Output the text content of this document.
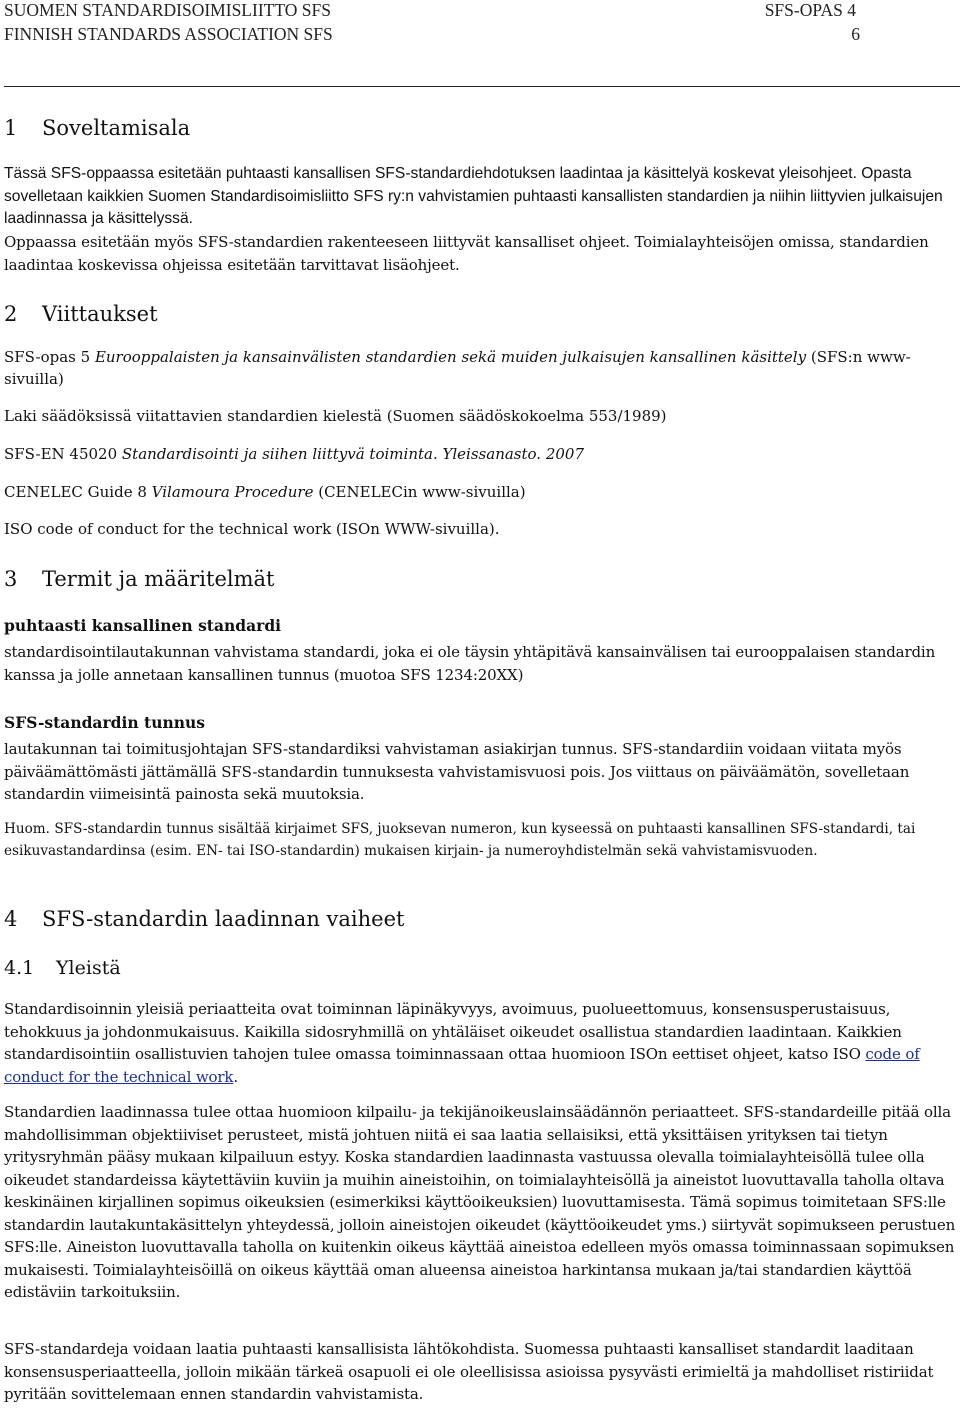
SUOMEN STANDARDISOIMISLIITTO SFS	SFS-OPAS 4
FINNISH STANDARDS ASSOCIATION SFS	6
1 Soveltamisala

Tässä SFS-oppaassa esitetään puhtaasti kansallisen SFS-standardiehdotuksen laadintaa ja käsittelyä koskevat yleisohjeet. Opasta sovelletaan kaikkien Suomen Standardisoimisliitto SFS ry:n vahvistamien puhtaasti kansallisten standardien ja niihin liittyvien julkaisujen laadinnassa ja käsittelyssä.

Oppaassa esitetään myös SFS-standardien rakenteeseen liittyvät kansalliset ohjeet. Toimialayhteisöjen omissa, standardien laadintaa koskevissa ohjeissa esitetään tarvittavat lisäohjeet.

2 Viittaukset

SFS-opas 5 Eurooppalaisten ja kansainvälisten standardien sekä muiden julkaisujen kansallinen käsittely (SFS:n www-sivuilla)

Laki säädöksissä viitattavien standardien kielestä (Suomen säädöskokoelma 553/1989)

SFS-EN 45020 Standardisointi ja siihen liittyvä toiminta. Yleissanasto. 2007

CENELEC Guide 8 Vilamoura Procedure (CENELECin www-sivuilla)

ISO code of conduct for the technical work (ISOn WWW-sivuilla).

3 Termit ja määritelmät

puhtaasti kansallinen standardi

standardisointilautakunnan vahvistama standardi, joka ei ole täysin yhtäpitävä kansainvälisen tai eurooppalaisen standardin kanssa ja jolle annetaan kansallinen tunnus (muotoa SFS 1234:20XX)

SFS-standardin tunnus

lautakunnan tai toimitusjohtajan SFS-standardiksi vahvistaman asiakirjan tunnus. SFS-standardiin voidaan viitata myös päiväämättömästi jättämällä SFS-standardin tunnuksesta vahvistamisvuosi pois. Jos viittaus on päiväämätön, sovelletaan standardin viimeisintä painosta sekä muutoksia.

Huom. SFS-standardin tunnus sisältää kirjaimet SFS, juoksevan numeron, kun kyseessä on puhtaasti kansallinen SFS-standardi, tai esikuvastandardinsa (esim. EN- tai ISO-standardin) mukaisen kirjain- ja numeroyhdistelmän sekä vahvistamisvuoden.

4 SFS-standardin laadinnan vaiheet
4.1 Yleistä

Standardisoinnin yleisiä periaatteita ovat toiminnan läpinäkyvyys, avoimuus, puolueettomuus, konsensusperustaisuus, tehokkuus ja johdonmukaisuus. Kaikilla sidosryhmillä on yhtäläiset oikeudet osallistua standardien laadintaan. Kaikkien standardisointiin osallistuvien tahojen tulee omassa toiminnassaan ottaa huomioon ISOn eettiset ohjeet, katso ISO code of conduct for the technical work.

Standardien laadinnassa tulee ottaa huomioon kilpailu- ja tekijänoikeuslainsäädännön periaatteet. SFS-standardeille pitää olla mahdollisimman objektiiviset perusteet, mistä johtuen niitä ei saa laatia sellaisiksi, että yksittäisen yrityksen tai tietyn yritysryhmän pääsy mukaan kilpailuun estyy. Koska standardien laadinnasta vastuussa olevalla toimialayhteisöllä tulee olla oikeudet standardeissa käytettäviin kuviin ja muihin aineistoihin, on toimialayhteisöllä ja aineistot luovuttavalla taholla oltava keskinäinen kirjallinen sopimus oikeuksien (esimerkiksi käyttöoikeuksien) luovuttamisesta. Tämä sopimus toimitetaan SFS:lle standardin lautakuntakäsittelyn yhteydessä, jolloin aineistojen oikeudet (käyttöoikeudet yms.) siirtyvät sopimukseen perustuen SFS:lle. Aineiston luovuttavalla taholla on kuitenkin oikeus käyttää aineistoa edelleen myös omassa toiminnassaan sopimuksen mukaisesti. Toimialayhteisöillä on oikeus käyttää oman alueensa aineistoa harkintansa mukaan ja/tai standardien käyttöä edistäviin tarkoituksiin.

SFS-standardeja voidaan laatia puhtaasti kansallisista lähtökohdista. Suomessa puhtaasti kansalliset standardit laaditaan konsensusperiaatteella, jolloin mikään tärkeä osapuoli ei ole oleellisissa asioissa pysyvästi erimieltä ja mahdolliset ristiriidat pyritään sovittelemaan ennen standardin vahvistamista.
